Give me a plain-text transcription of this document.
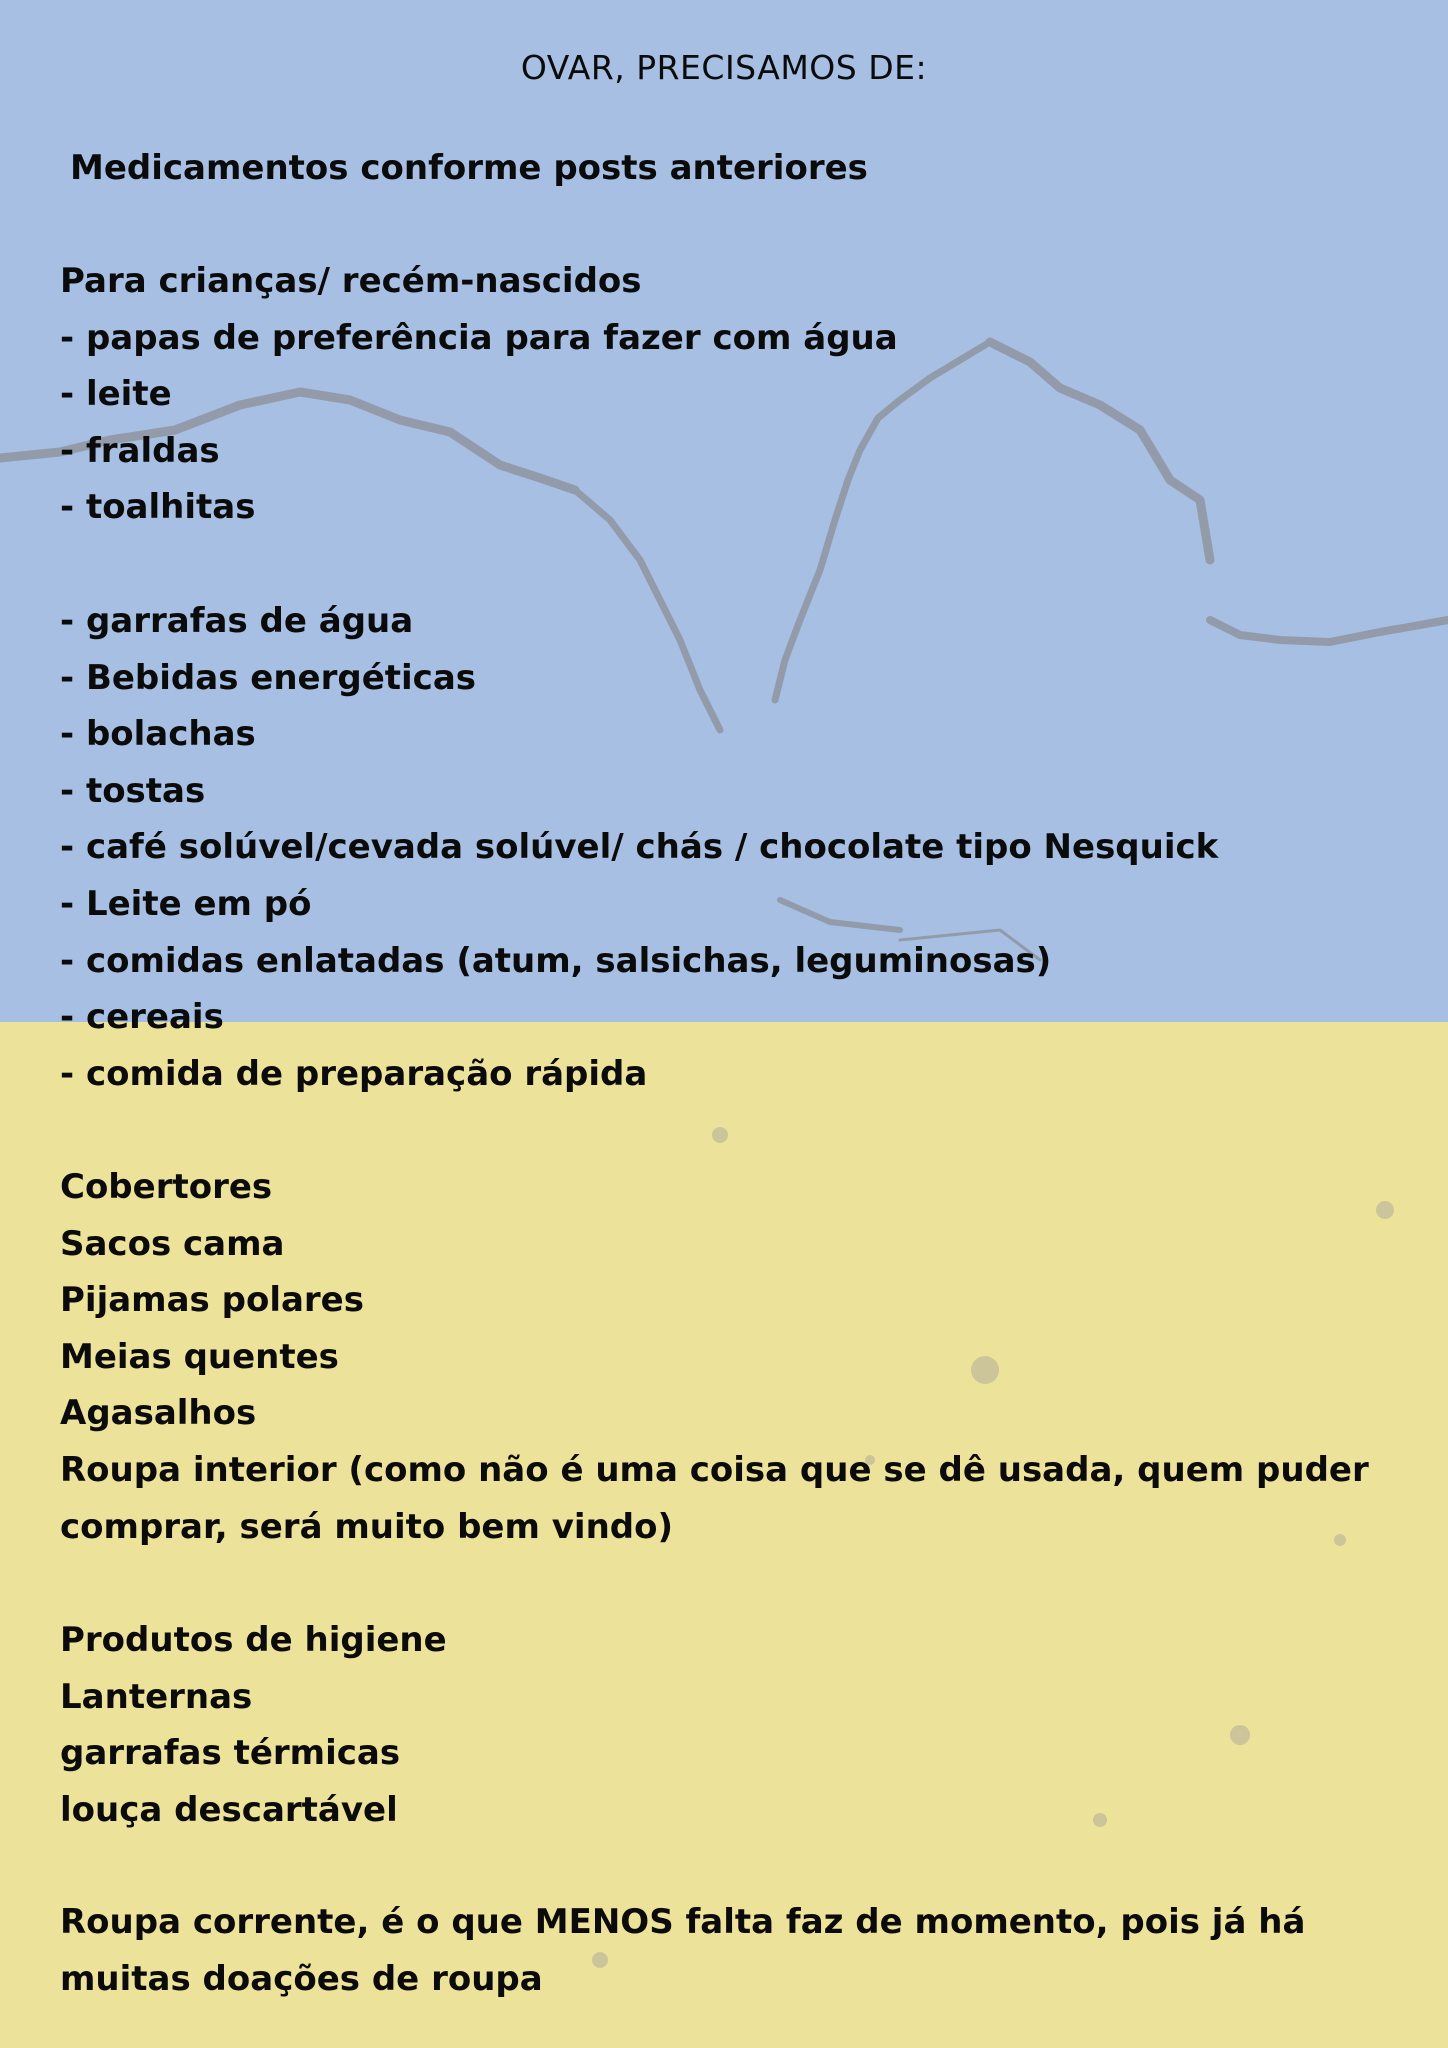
OVAR, PRECISAMOS DE:

Medicamentos conforme posts anteriores

Para crianças/ recém-nascidos
- papas de preferência para fazer com água
- leite
- fraldas
- toalhitas
- garrafas de água
- Bebidas energéticas
- bolachas
- tostas
- café solúvel/cevada solúvel/ chás / chocolate tipo Nesquick
- Leite em pó
- comidas enlatadas (atum, salsichas, leguminosas)
- cereais
- comida de preparação rápida
Cobertores
Sacos cama
Pijamas polares
Meias quentes
Agasalhos
Roupa interior (como não é uma coisa que se dê usada, quem puder
comprar, será muito bem vindo)
Produtos de higiene
Lanternas
garrafas térmicas
louça descartável
Roupa corrente, é o que MENOS falta faz de momento, pois já há
muitas doações de roupa
